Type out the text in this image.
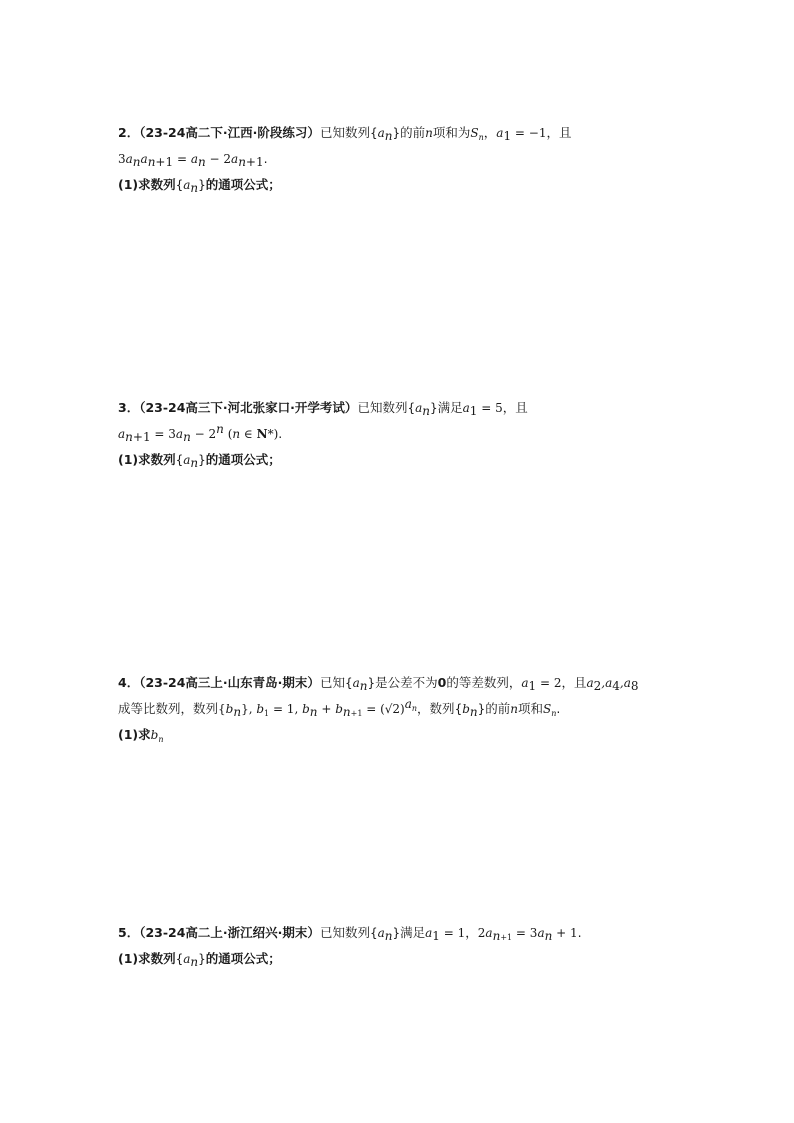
2．（23-24高二下·江西·阶段练习）已知数列$\{a_n\}$的前n项和为$S_n$，$a_1 = -1$，且
$3a_na_{n+1} = a_n - 2a_{n+1}$.
(1)求数列$\{a_n\}$的通项公式；
3．（23-24高三下·河北张家口·开学考试）已知数列$\{a_n\}$满足$a_1 = 5$，且
$a_{n+1} = 3a_n - 2^n$ (n ∈ N*).
(1)求数列$\{a_n\}$的通项公式；
4．（23-24高三上·山东青岛·期末）已知$\{a_n\}$是公差不为0的等差数列，$a_1 = 2$，且$a_2,a_4,a_8$
成等比数列，数列$\{b_n\}$, $b_1 = 1$, $b_n + b_{n+1} = (√2)^{a_n}$，数列$\{b_n\}$的前n项和$S_n$.
(1)求$b_n$
5．（23-24高二上·浙江绍兴·期末）已知数列$\{a_n\}$满足$a_1 = 1$，$2a_{n+1} = 3a_n + 1$.
(1)求数列$\{a_n\}$的通项公式；
